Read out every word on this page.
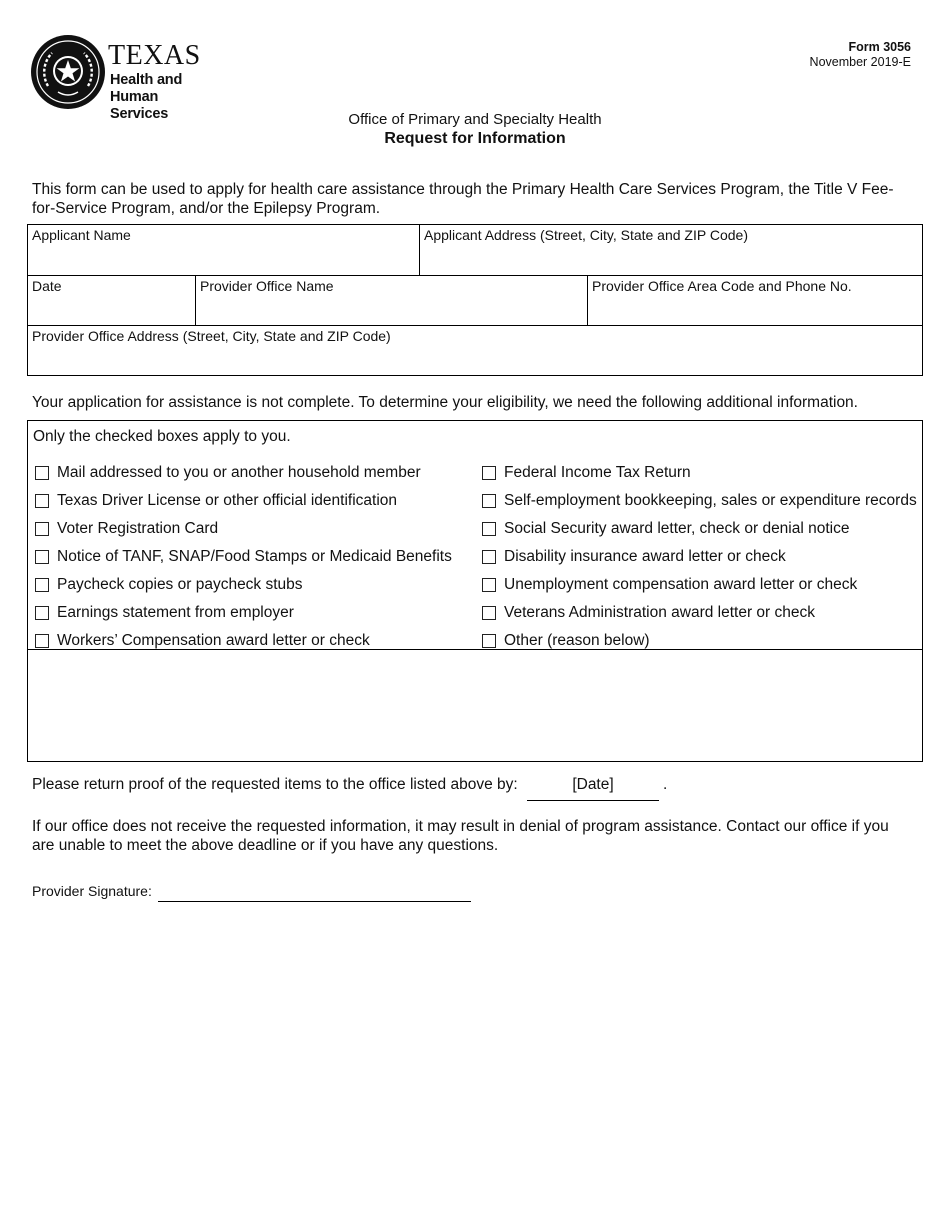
TEXAS
Health and Human
Services
Form 3056
November 2019-E
Office of Primary and Specialty Health
Request for Information
This form can be used to apply for health care assistance through the Primary Health Care Services Program, the Title V Fee-for-Service Program, and/or the Epilepsy Program.
Applicant Name	Applicant Address (Street, City, State and ZIP Code)
Date	Provider Office Name	Provider Office Area Code and Phone No.
Provider Office Address (Street, City, State and ZIP Code)
Your application for assistance is not complete. To determine your eligibility, we need the following additional information.
Only the checked boxes apply to you.
Mail addressed to you or another household member
Texas Driver License or other official identification
Voter Registration Card
Notice of TANF, SNAP/Food Stamps or Medicaid Benefits
Paycheck copies or paycheck stubs
Earnings statement from employer
Workers’ Compensation award letter or check
Federal Income Tax Return
Self-employment bookkeeping, sales or expenditure records
Social Security award letter, check or denial notice
Disability insurance award letter or check
Unemployment compensation award letter or check
Veterans Administration award letter or check
Other (reason below)
Please return proof of the requested items to the office listed above by:	[Date]	.
If our office does not receive the requested information, it may result in denial of program assistance. Contact our office if you are unable to meet the above deadline or if you have any questions.
Provider Signature:
